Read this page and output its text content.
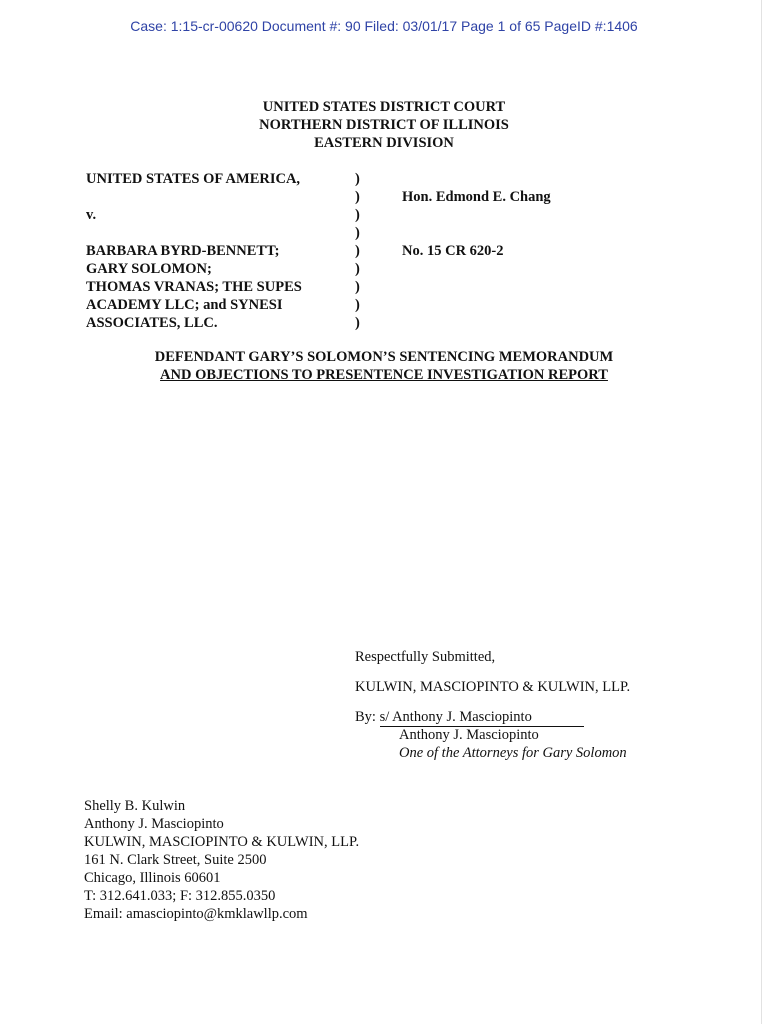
Case: 1:15-cr-00620 Document #: 90 Filed: 03/01/17 Page 1 of 65 PageID #:1406
UNITED STATES DISTRICT COURT
NORTHERN DISTRICT OF ILLINOIS
EASTERN DIVISION
UNITED STATES OF AMERICA,
v.
BARBARA BYRD-BENNETT;
GARY SOLOMON;
THOMAS VRANAS; THE SUPES
ACADEMY LLC; and SYNESI
ASSOCIATES, LLC.
)
)
)
)
)
)
)
)
)
Hon. Edmond E. Chang
No. 15 CR 620-2
DEFENDANT GARY’S SOLOMON’S SENTENCING MEMORANDUM
AND OBJECTIONS TO PRESENTENCE INVESTIGATION REPORT
Respectfully Submitted,
KULWIN, MASCIOPINTO & KULWIN, LLP.
By: s/ Anthony J. Masciopinto
Anthony J. Masciopinto
One of the Attorneys for Gary Solomon
Shelly B. Kulwin
Anthony J. Masciopinto
KULWIN, MASCIOPINTO & KULWIN, LLP.
161 N. Clark Street, Suite 2500
Chicago, Illinois 60601
T: 312.641.033; F: 312.855.0350
Email: amasciopinto@kmklawllp.com
